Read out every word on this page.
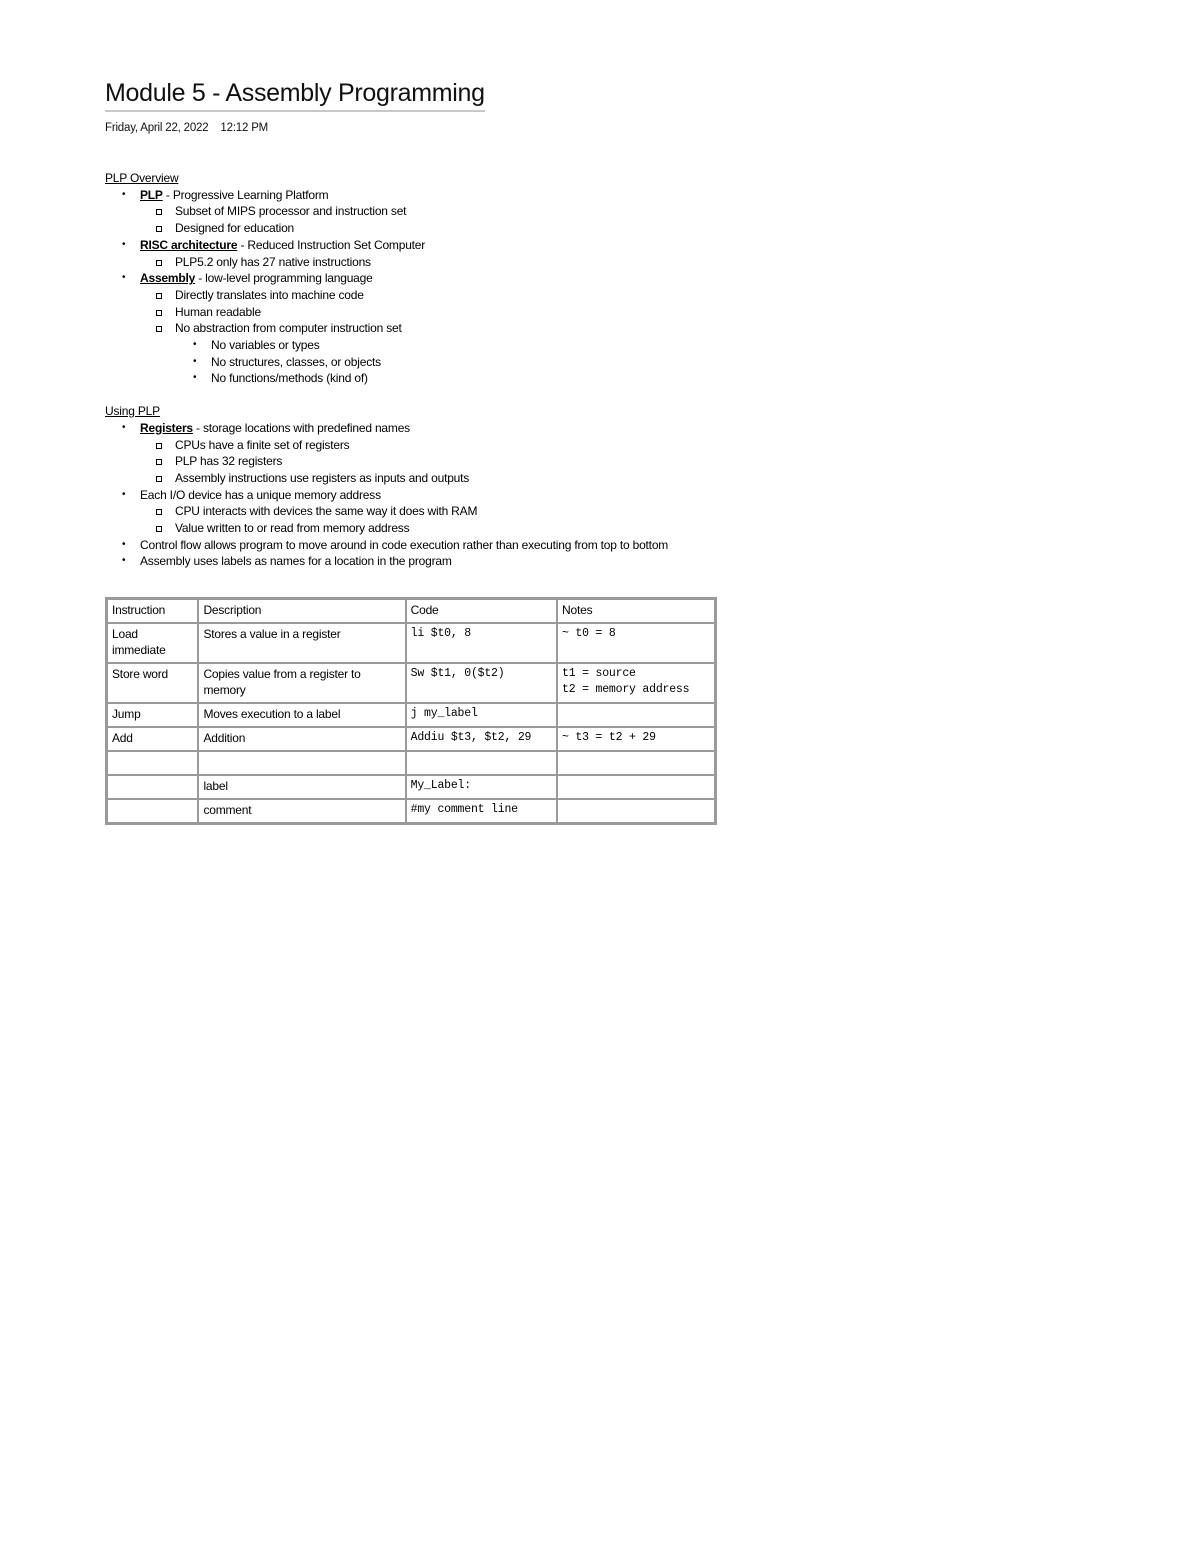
Module 5 - Assembly Programming
Friday, April 22, 2022 12:12 PM
PLP Overview
• PLP - Progressive Learning Platform
Subset of MIPS processor and instruction set
Designed for education
• RISC architecture - Reduced Instruction Set Computer
PLP5.2 only has 27 native instructions
• Assembly - low-level programming language
Directly translates into machine code
Human readable
No abstraction from computer instruction set
• No variables or types
• No structures, classes, or objects
• No functions/methods (kind of)
Using PLP
• Registers - storage locations with predefined names
CPUs have a finite set of registers
PLP has 32 registers
Assembly instructions use registers as inputs and outputs
• Each I/O device has a unique memory address
CPU interacts with devices the same way it does with RAM
Value written to or read from memory address
• Control flow allows program to move around in code execution rather than executing from top to bottom
• Assembly uses labels as names for a location in the program
Instruction	Description	Code	Notes
Load immediate	Stores a value in a register	li $t0, 8	~ t0 = 8
Store word	Copies value from a register to memory	Sw $t1, 0($t2)	t1 = source
t2 = memory address
Jump	Moves execution to a label	j my_label	
Add	Addition	Addiu $t3, $t2, 29	~ t3 = t2 + 29

	label	My_Label:	
	comment	#my comment line	
